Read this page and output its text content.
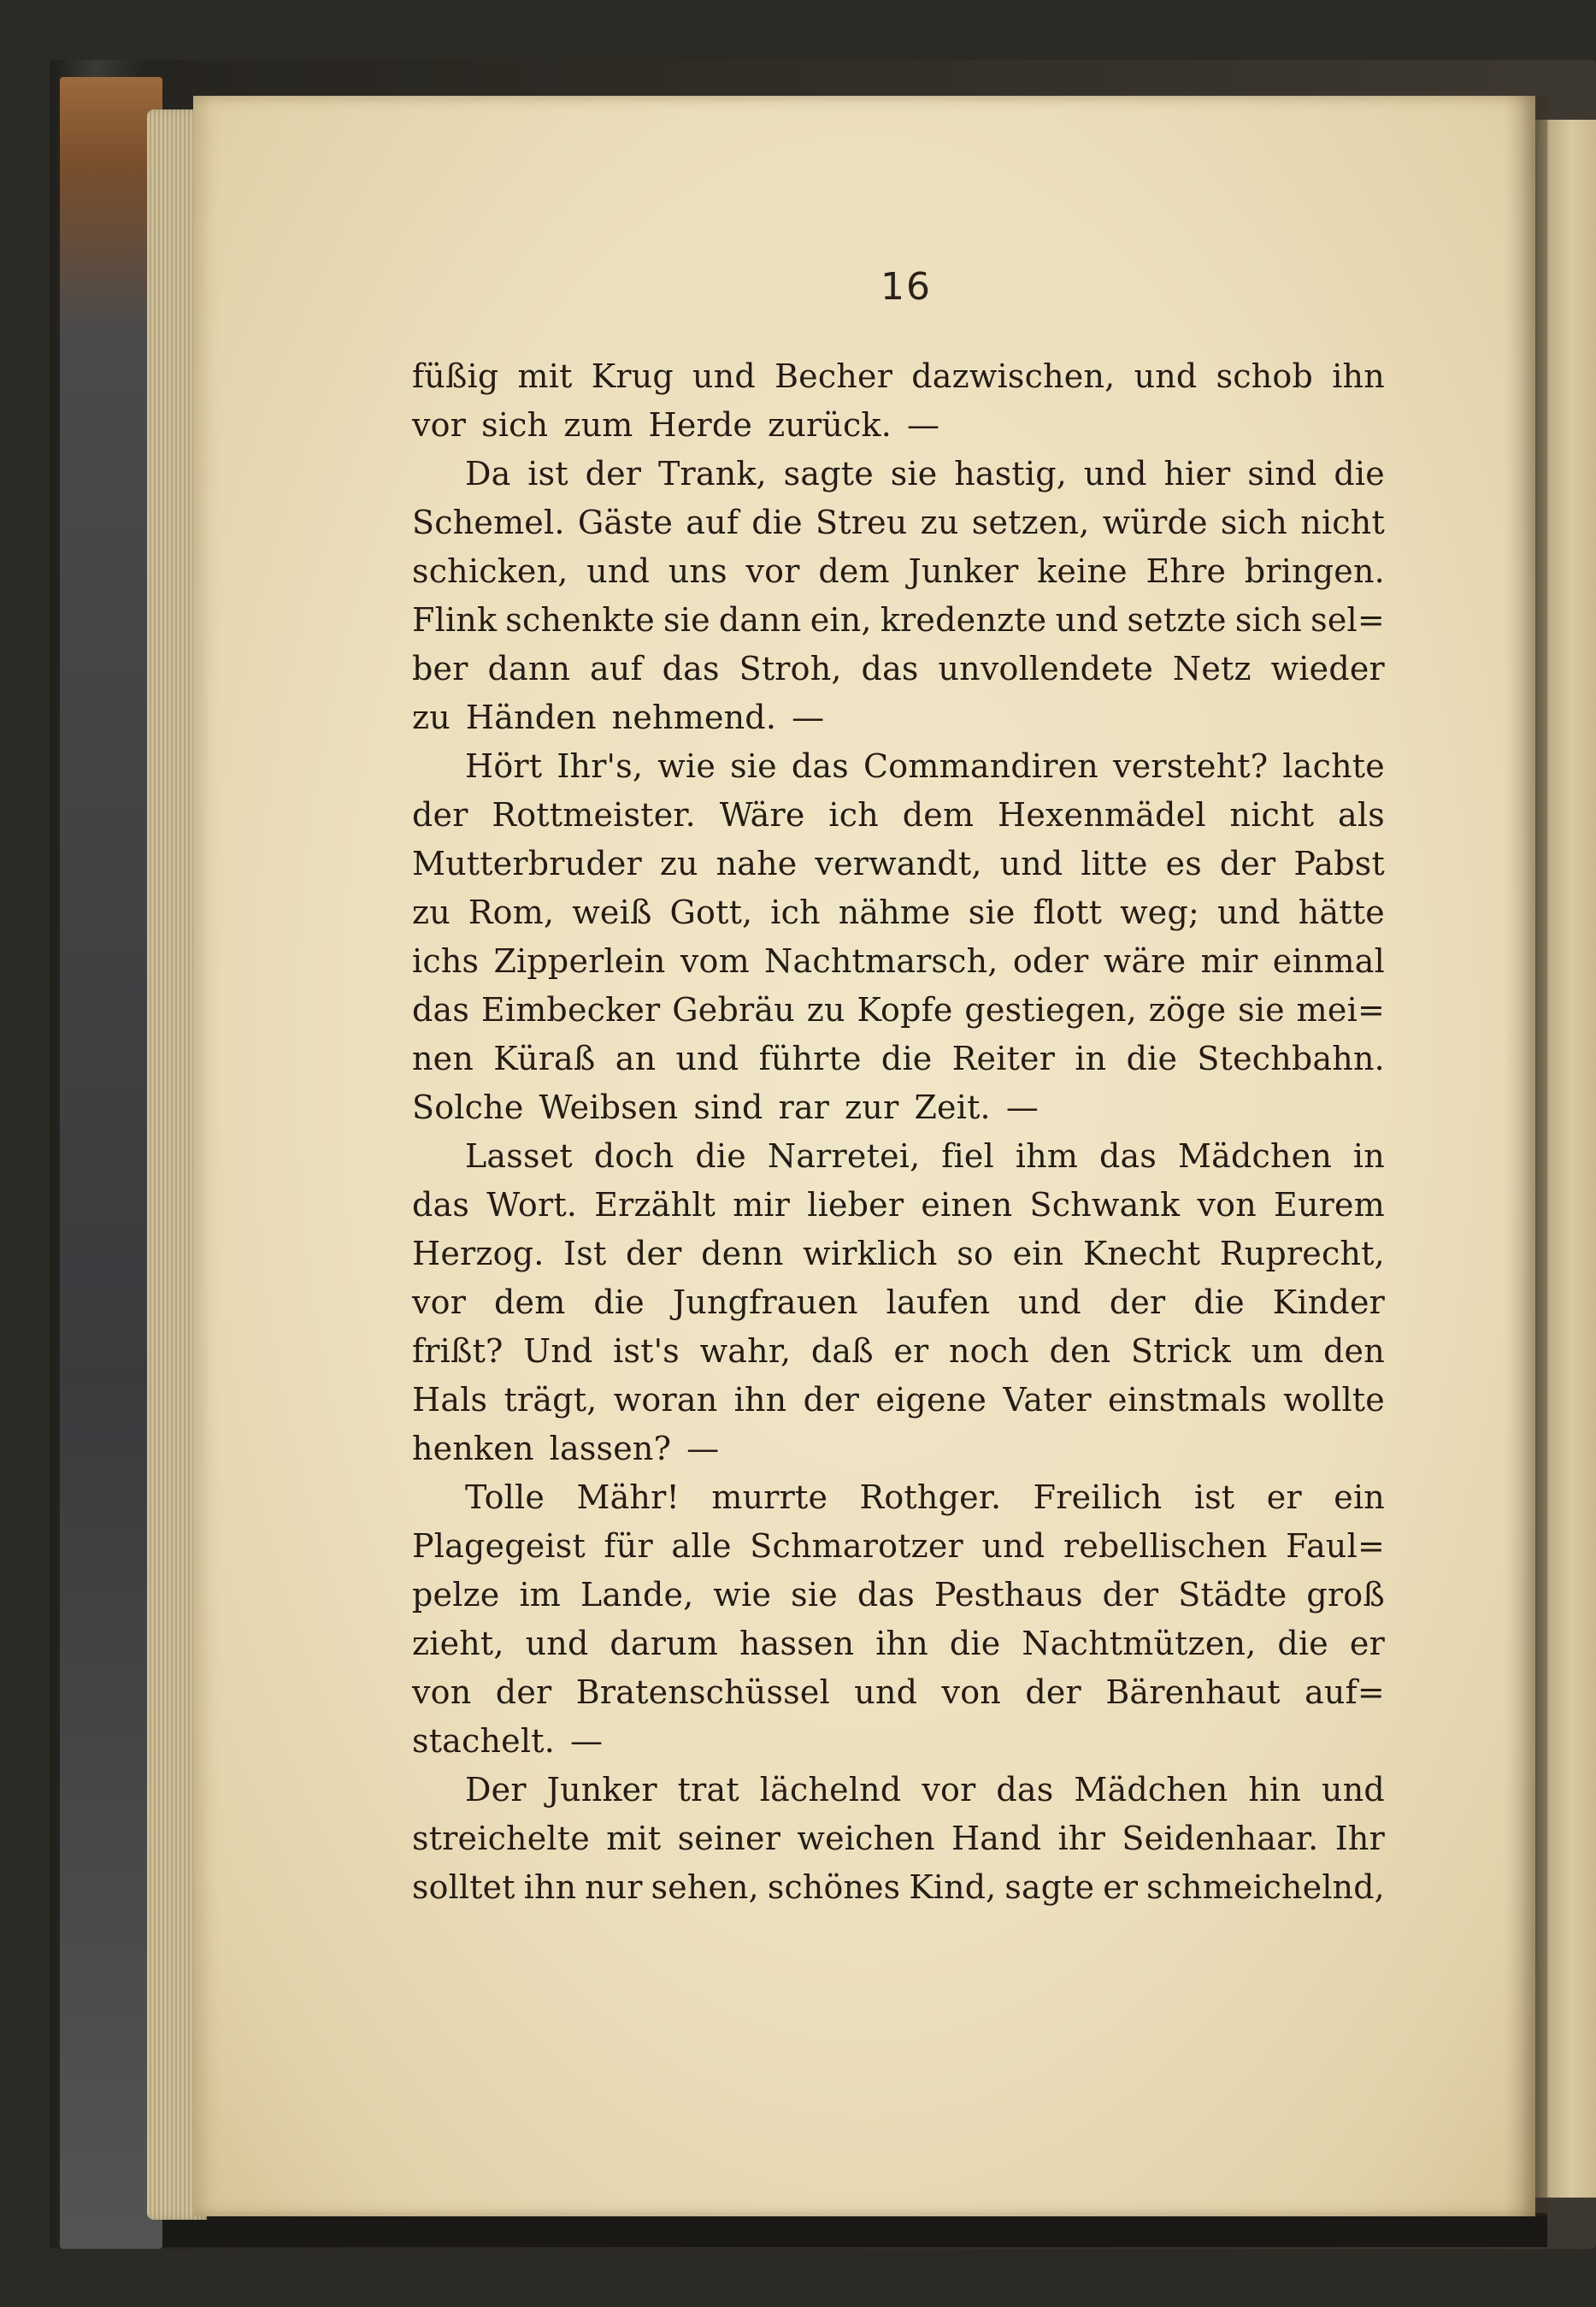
16
füßig mit Krug und Becher dazwischen, und schob ihn
vor sich zum Herde zurück. —
Da ist der Trank, sagte sie hastig, und hier sind die
Schemel. Gäste auf die Streu zu setzen, würde sich nicht
schicken, und uns vor dem Junker keine Ehre bringen.
Flink schenkte sie dann ein, kredenzte und setzte sich sel=
ber dann auf das Stroh, das unvollendete Netz wieder
zu Händen nehmend. —
Hört Ihr's, wie sie das Commandiren versteht? lachte
der Rottmeister. Wäre ich dem Hexenmädel nicht als
Mutterbruder zu nahe verwandt, und litte es der Pabst
zu Rom, weiß Gott, ich nähme sie flott weg; und hätte
ichs Zipperlein vom Nachtmarsch, oder wäre mir einmal
das Eimbecker Gebräu zu Kopfe gestiegen, zöge sie mei=
nen Küraß an und führte die Reiter in die Stechbahn.
Solche Weibsen sind rar zur Zeit. —
Lasset doch die Narretei, fiel ihm das Mädchen in
das Wort. Erzählt mir lieber einen Schwank von Eurem
Herzog. Ist der denn wirklich so ein Knecht Ruprecht,
vor dem die Jungfrauen laufen und der die Kinder
frißt? Und ist's wahr, daß er noch den Strick um den
Hals trägt, woran ihn der eigene Vater einstmals wollte
henken lassen? —
Tolle Mähr! murrte Rothger. Freilich ist er ein
Plagegeist für alle Schmarotzer und rebellischen Faul=
pelze im Lande, wie sie das Pesthaus der Städte groß
zieht, und darum hassen ihn die Nachtmützen, die er
von der Bratenschüssel und von der Bärenhaut auf=
stachelt. —
Der Junker trat lächelnd vor das Mädchen hin und
streichelte mit seiner weichen Hand ihr Seidenhaar. Ihr
solltet ihn nur sehen, schönes Kind, sagte er schmeichelnd,
